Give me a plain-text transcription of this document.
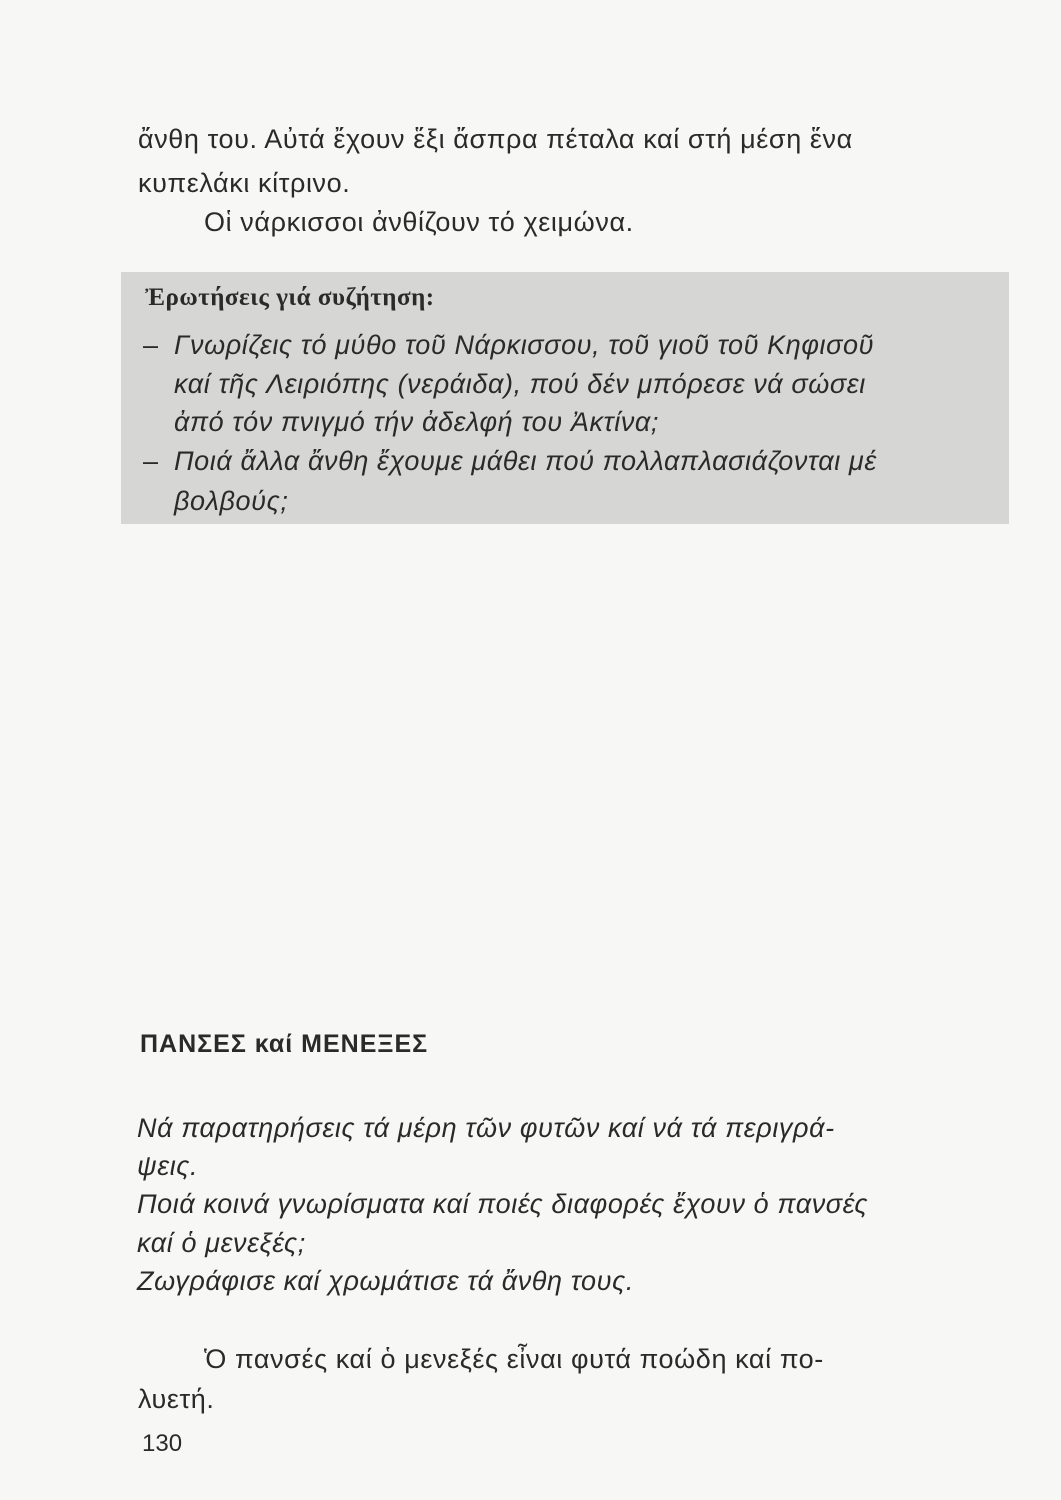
ἄνθη του. Αὐτά ἔχουν ἕξι ἄσπρα πέταλα καί στή μέση ἕνα
κυπελάκι κίτρινο.
Οἱ νάρκισσοι ἀνθίζουν τό χειμώνα.
Ἐρωτήσεις γιά συζήτηση:
– Γνωρίζεις τό μύθο τοῦ Νάρκισσου, τοῦ γιοῦ τοῦ Κηφισοῦ
καί τῆς Λειριόπης (νεράιδα), πού δέν μπόρεσε νά σώσει
ἀπό τόν πνιγμό τήν ἀδελφή του Ἀκτίνα;
– Ποιά ἄλλα ἄνθη ἔχουμε μάθει πού πολλαπλασιάζονται μέ
βολβούς;
ΠΑΝΣΕΣ καί ΜΕΝΕΞΕΣ
Νά παρατηρήσεις τά μέρη τῶν φυτῶν καί νά τά περιγρά-
ψεις.
Ποιά κοινά γνωρίσματα καί ποιές διαφορές ἔχουν ὁ πανσές
καί ὁ μενεξές;
Ζωγράφισε καί χρωμάτισε τά ἄνθη τους.
Ὁ πανσές καί ὁ μενεξές εἶναι φυτά ποώδη καί πο-
λυετή.
130
